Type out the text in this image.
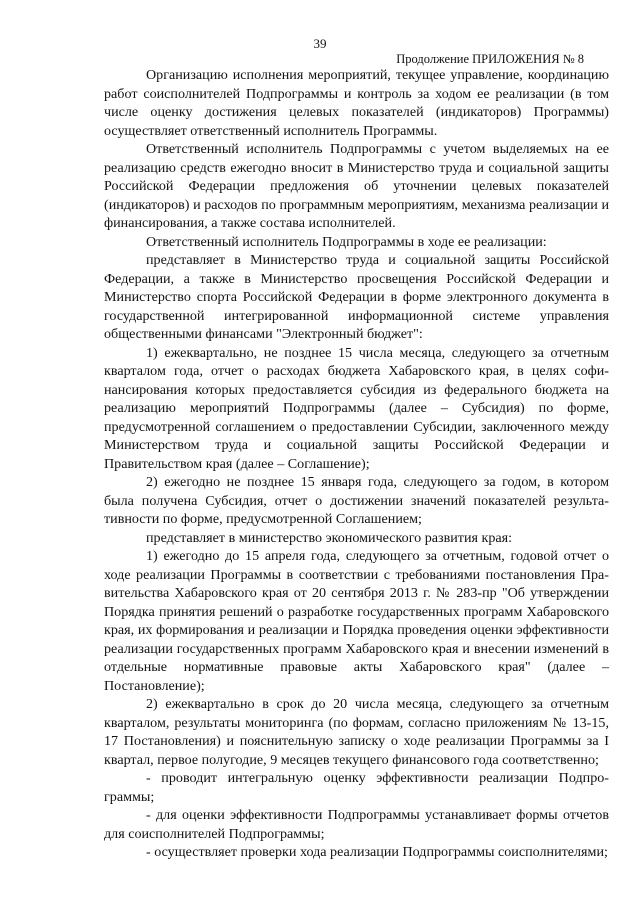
39
Продолжение ПРИЛОЖЕНИЯ № 8

Организацию исполнения мероприятий, текущее управление, координацию работ соисполнителей Подпрограммы и контроль за ходом ее реализации (в том числе оценку достижения целевых показателей (индикаторов) Программы) осуществляет ответственный исполнитель Программы.

Ответственный исполнитель Подпрограммы с учетом выделяемых на ее реализацию средств ежегодно вносит в Министерство труда и социальной защиты Российской Федерации предложения об уточнении целевых показателей (индикаторов) и расходов по программным мероприятиям, механизма реализации и финансирования, а также состава исполнителей.

Ответственный исполнитель Подпрограммы в ходе ее реализации:

представляет в Министерство труда и социальной защиты Российской Федерации, а также в Министерство просвещения Российской Федерации и Министерство спорта Российской Федерации в форме электронного документа в государственной интегрированной информационной системе управления общественными финансами "Электронный бюджет":

1) ежеквартально, не позднее 15 числа месяца, следующего за отчетным кварталом года, отчет о расходах бюджета Хабаровского края, в целях софинансирования которых предоставляется субсидия из федерального бюджета на реализацию мероприятий Подпрограммы (далее – Субсидия) по форме, предусмотренной соглашением о предоставлении Субсидии, заключенного между Министерством труда и социальной защиты Российской Федерации и Правительством края (далее – Соглашение);

2) ежегодно не позднее 15 января года, следующего за годом, в котором была получена Субсидия, отчет о достижении значений показателей результативности по форме, предусмотренной Соглашением;

представляет в министерство экономического развития края:

1) ежегодно до 15 апреля года, следующего за отчетным, годовой отчет о ходе реализации Программы в соответствии с требованиями постановления Правительства Хабаровского края от 20 сентября 2013 г. № 283-пр "Об утверждении Порядка принятия решений о разработке государственных программ Хабаровского края, их формирования и реализации и Порядка проведения оценки эффективности реализации государственных программ Хабаровского края и внесении изменений в отдельные нормативные правовые акты Хабаровского края" (далее – Постановление);

2) ежеквартально в срок до 20 числа месяца, следующего за отчетным кварталом, результаты мониторинга (по формам, согласно приложениям № 13-15, 17 Постановления) и пояснительную записку о ходе реализации Программы за I квартал, первое полугодие, 9 месяцев текущего финансового года соответственно;

- проводит интегральную оценку эффективности реализации Подпрограммы;

- для оценки эффективности Подпрограммы устанавливает формы отчетов для соисполнителей Подпрограммы;

- осуществляет проверки хода реализации Подпрограммы соисполнителями;
